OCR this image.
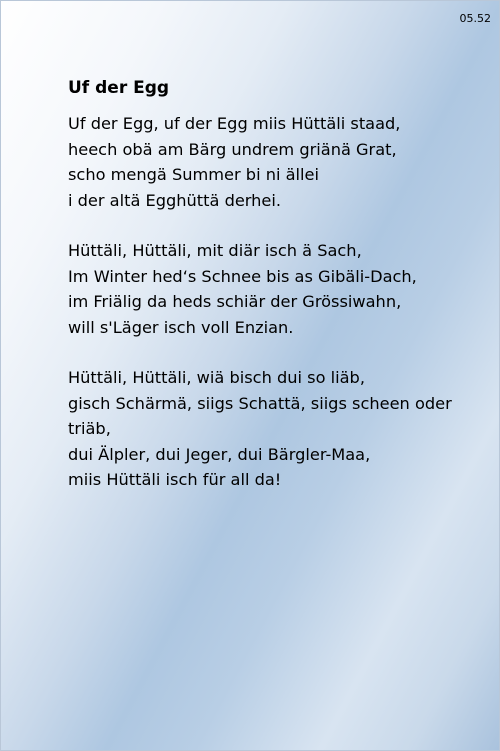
05.52
Uf der Egg
Uf der Egg, uf der Egg miis Hüttäli staad,
heech obä am Bärg undrem griänä Grat,
scho mengä Summer bi ni ällei
i der altä Egghüttä derhei.
Hüttäli, Hüttäli, mit diär isch ä Sach,
Im Winter hed‘s Schnee bis as Gibäli-Dach,
im Friälig da heds schiär der Grössiwahn,
will s'Läger isch voll Enzian.
Hüttäli, Hüttäli, wiä bisch dui so liäb,
gisch Schärmä, siigs Schattä, siigs scheen oder
triäb,
dui Älpler, dui Jeger, dui Bärgler-Maa,
miis Hüttäli isch für all da!
